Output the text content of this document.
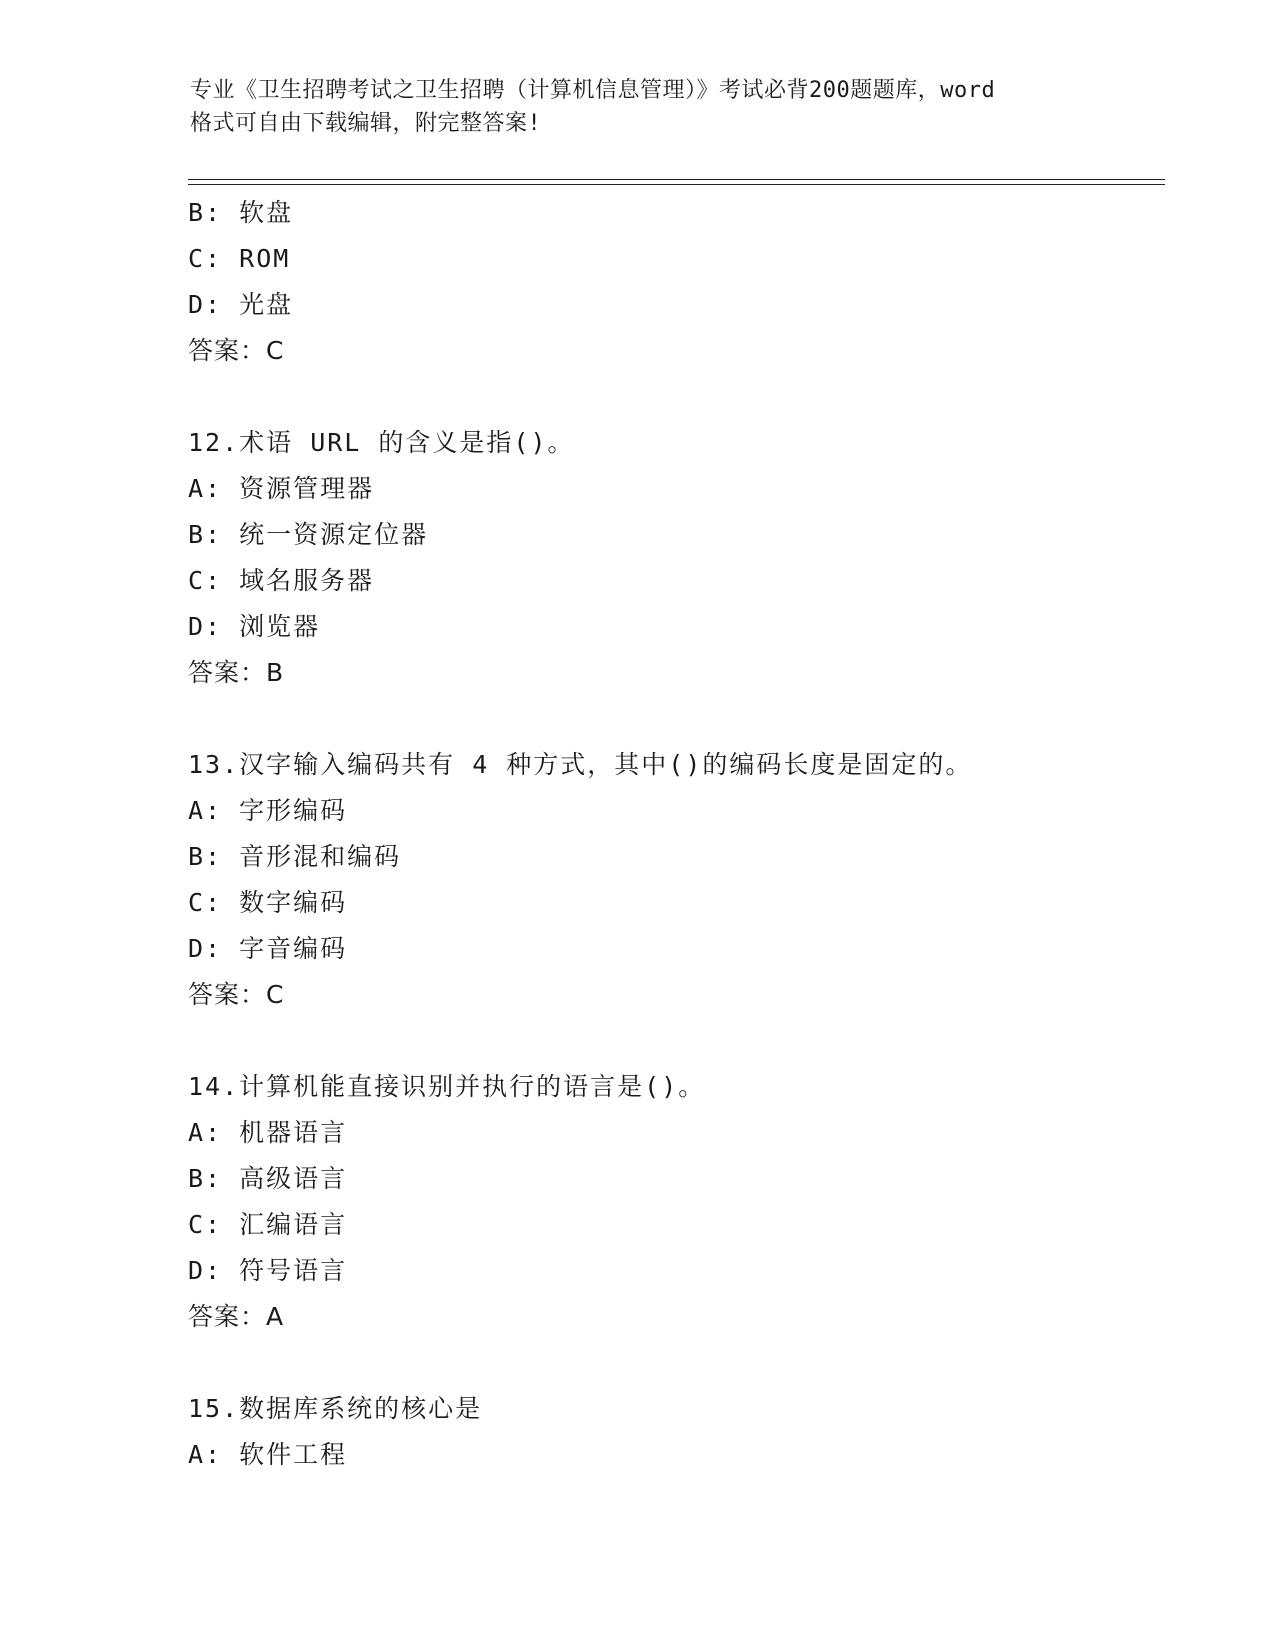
专业《卫生招聘考试之卫生招聘（计算机信息管理）》考试必背200题题库，word
格式可自由下载编辑，附完整答案!
B: 软盘
C: ROM
D: 光盘
答案：C
12.术语 URL 的含义是指()。
A: 资源管理器
B: 统一资源定位器
C: 域名服务器
D: 浏览器
答案：B
13.汉字输入编码共有 4 种方式，其中()的编码长度是固定的。
A: 字形编码
B: 音形混和编码
C: 数字编码
D: 字音编码
答案：C
14.计算机能直接识别并执行的语言是()。
A: 机器语言
B: 高级语言
C: 汇编语言
D: 符号语言
答案：A
15.数据库系统的核心是
A: 软件工程
